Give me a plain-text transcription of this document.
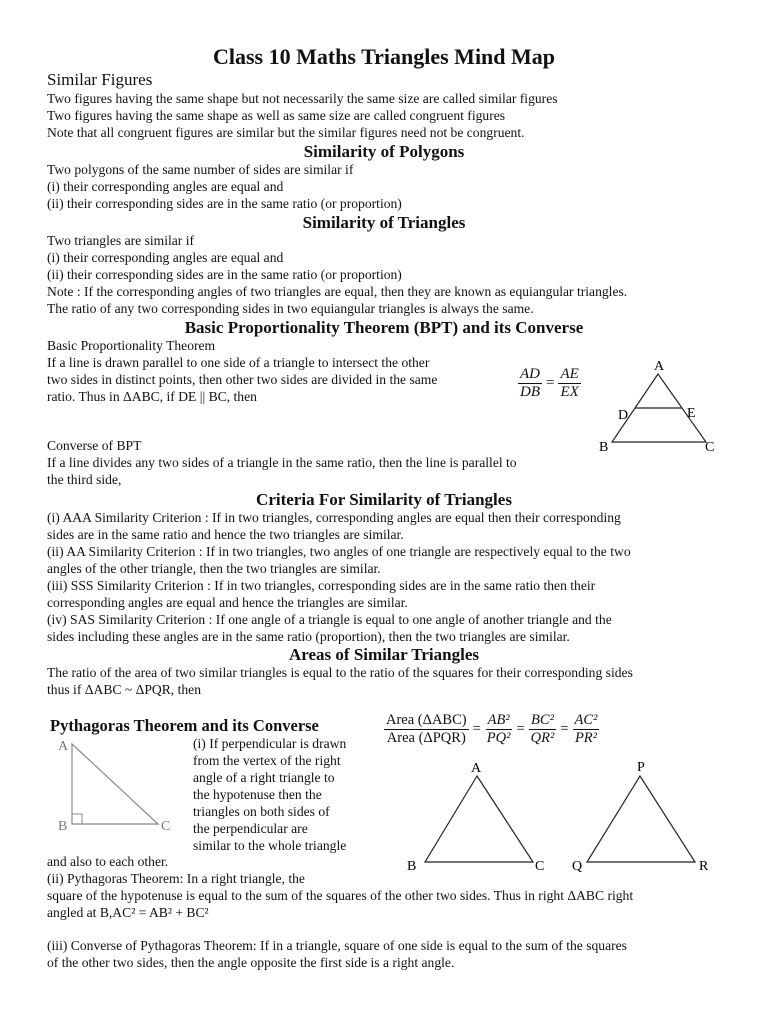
Class 10 Maths Triangles Mind Map
Similar Figures
Two figures having the same shape but not necessarily the same size are called similar figures
Two figures having the same shape as well as same size are called congruent figures
Note that all congruent figures are similar but the similar figures need not be congruent.
Similarity of Polygons
Two polygons of the same number of sides are similar if
(i) their corresponding angles are equal and
(ii) their corresponding sides are in the same ratio (or proportion)
Similarity of Triangles
Two triangles are similar if
(i) their corresponding angles are equal and
(ii) their corresponding sides are in the same ratio (or proportion)
Note : If the corresponding angles of two triangles are equal, then they are known as equiangular triangles.
The ratio of any two corresponding sides in two equiangular triangles is always the same.
Basic Proportionality Theorem (BPT) and its Converse
Basic Proportionality Theorem
If a line is drawn parallel to one side of a triangle to intersect the other
two sides in distinct points, then other two sides are divided in the same
ratio. Thus in ΔABC, if DE || BC, then	$\frac{AD}{DB} = \frac{AE}{EX}$	A
D	E
B	C
Converse of BPT
If a line divides any two sides of a triangle in the same ratio, then the line is parallel to
the third side,
Criteria For Similarity of Triangles
(i) AAA Similarity Criterion : If in two triangles, corresponding angles are equal then their corresponding
sides are in the same ratio and hence the two triangles are similar.
(ii) AA Similarity Criterion : If in two triangles, two angles of one triangle are respectively equal to the two
angles of the other triangle, then the two triangles are similar.
(iii) SSS Similarity Criterion : If in two triangles, corresponding sides are in the same ratio then their
corresponding angles are equal and hence the triangles are similar.
(iv) SAS Similarity Criterion : If one angle of a triangle is equal to one angle of another triangle and the
sides including these angles are in the same ratio (proportion), then the two triangles are similar.
Areas of Similar Triangles
The ratio of the area of two similar triangles is equal to the ratio of the squares for their corresponding sides
thus if ΔABC ~ ΔPQR, then
$\frac{\text{Area (ΔABC)}}{\text{Area (ΔPQR)}} = \frac{\text{AB²}}{\text{PQ²}} = \frac{\text{BC²}}{\text{QR²}} = \frac{\text{AC²}}{\text{PR²}}$
A
B	C
P
Q	R
Pythagoras Theorem and its Converse
A
B	C
(i) If perpendicular is drawn
from the vertex of the right
angle of a right triangle to
the hypotenuse then the
triangles on both sides of
the perpendicular are
similar to the whole triangle
and also to each other.
(ii) Pythagoras Theorem: In a right triangle, the
square of the hypotenuse is equal to the sum of the squares of the other two sides. Thus in right ΔABC right
angled at B,AC² = AB² + BC²
(iii) Converse of Pythagoras Theorem: If in a triangle, square of one side is equal to the sum of the squares
of the other two sides, then the angle opposite the first side is a right angle.
